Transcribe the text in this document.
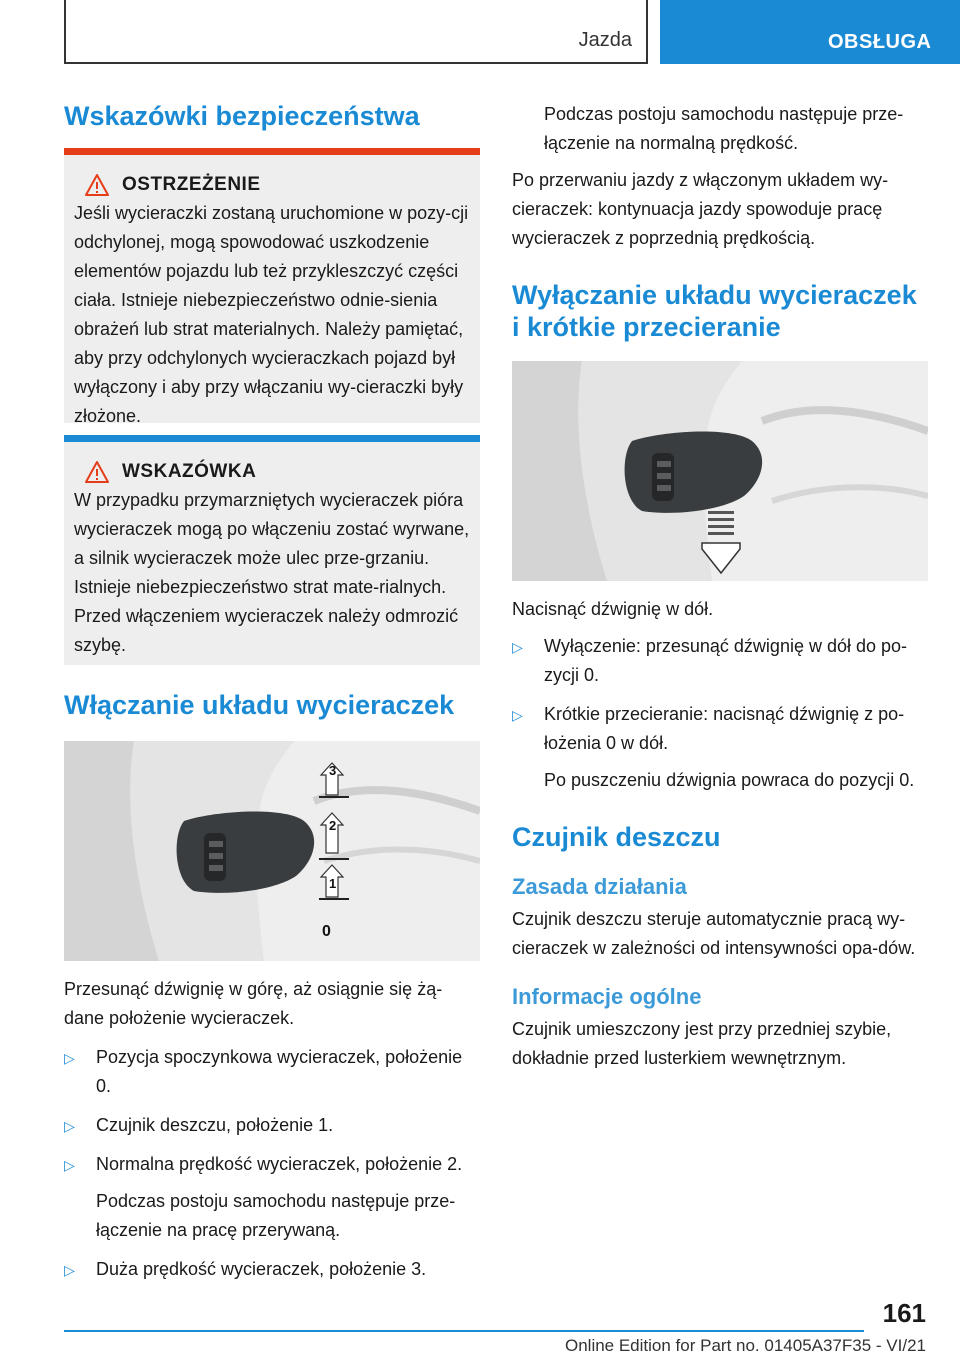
Jazda	OBSŁUGA
Wskazówki bezpieczeństwa
OSTRZEŻENIE
Jeśli wycieraczki zostaną uruchomione w pozy-cji odchylonej, mogą spowodować uszkodzenie elementów pojazdu lub też przykleszczyć części ciała. Istnieje niebezpieczeństwo odnie-sienia obrażeń lub strat materialnych. Należy pamiętać, aby przy odchylonych wycieraczkach pojazd był wyłączony i aby przy włączaniu wy-cieraczki były złożone.
WSKAZÓWKA
W przypadku przymarzniętych wycieraczek pióra wycieraczek mogą po włączeniu zostać wyrwane, a silnik wycieraczek może ulec prze-grzaniu. Istnieje niebezpieczeństwo strat mate-rialnych. Przed włączeniem wycieraczek należy odmrozić szybę.
Włączanie układu wycieraczek
3
2
1
0

Przesunąć dźwignię w górę, aż osiągnie się żą-dane położenie wycieraczek.

▷ Pozycja spoczynkowa wycieraczek, położenie 0.
▷ Czujnik deszczu, położenie 1.
▷ Normalna prędkość wycieraczek, położenie 2.

Podczas postoju samochodu następuje prze-łączenie na pracę przerywaną.

▷ Duża prędkość wycieraczek, położenie 3.

Podczas postoju samochodu następuje prze-łączenie na normalną prędkość.

Po przerwaniu jazdy z włączonym układem wy-cieraczek: kontynuacja jazdy spowoduje pracę wycieraczek z poprzednią prędkością.

Wyłączanie układu wycieraczek i krótkie przecieranie

Nacisnąć dźwignię w dół.

▷ Wyłączenie: przesunąć dźwignię w dół do po-zycji 0.
▷ Krótkie przecieranie: nacisnąć dźwignię z po-łożenia 0 w dół.

Po puszczeniu dźwignia powraca do pozycji 0.

Czujnik deszczu
Zasada działania

Czujnik deszczu steruje automatycznie pracą wy-cieraczek w zależności od intensywności opa-dów.

Informacje ogólne

Czujnik umieszczony jest przy przedniej szybie, dokładnie przed lusterkiem wewnętrznym.

161
Online Edition for Part no. 01405A37F35 - VI/21
